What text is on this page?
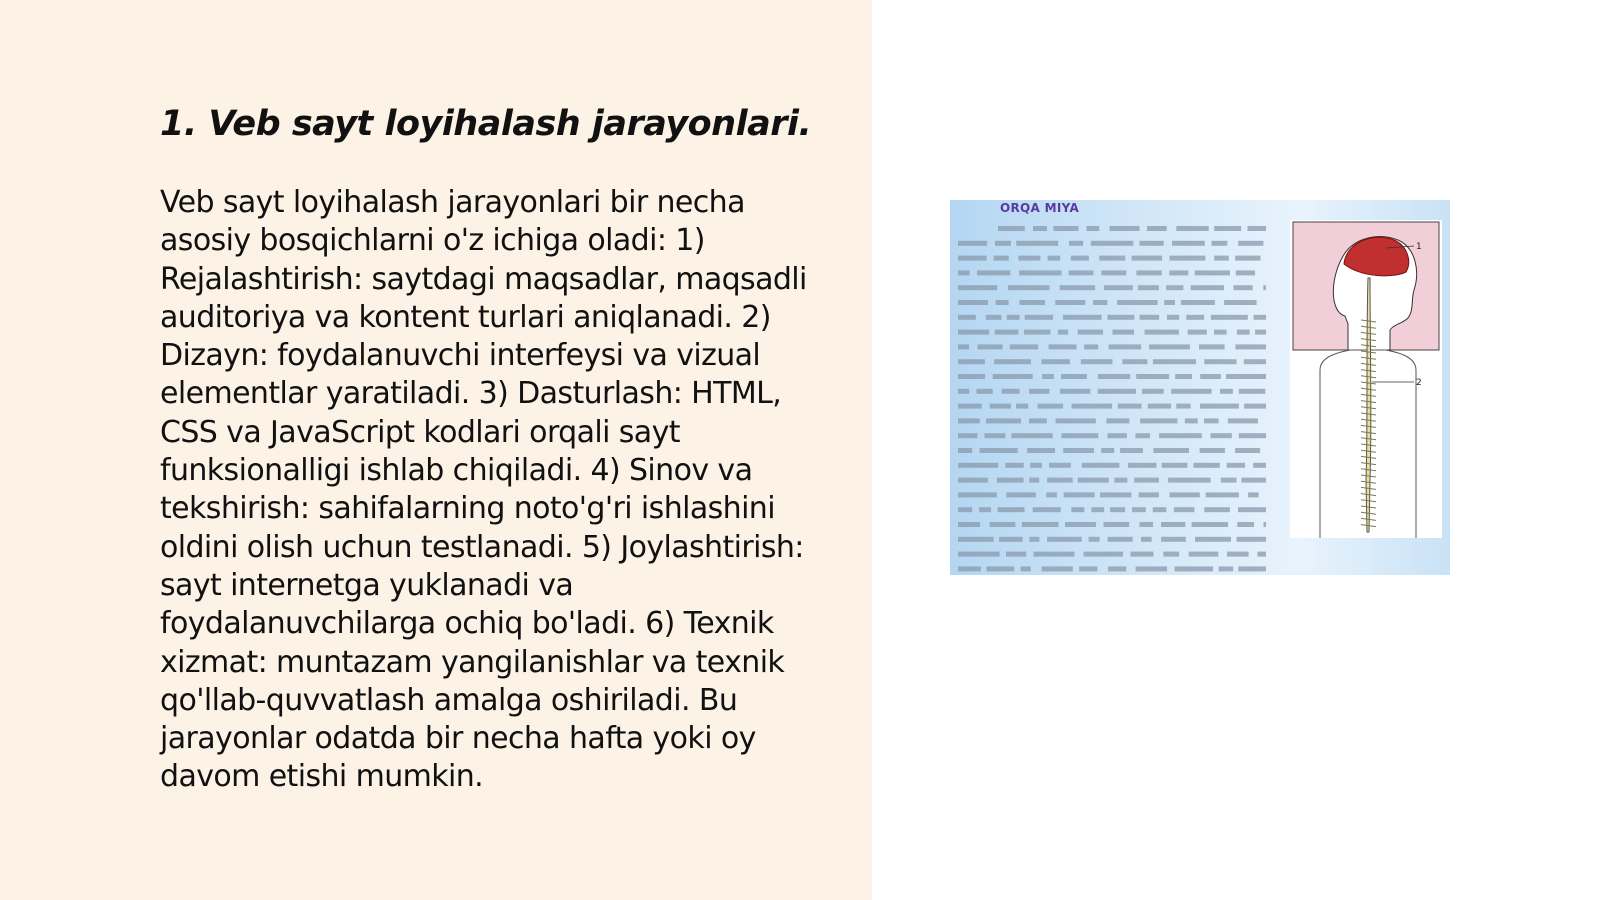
1. Veb sayt loyihalash jarayonlari.

Veb sayt loyihalash jarayonlari bir necha asosiy bosqichlarni o'z ichiga oladi: 1) Rejalashtirish: saytdagi maqsadlar, maqsadli auditoriya va kontent turlari aniqlanadi. 2) Dizayn: foydalanuvchi interfeysi va vizual elementlar yaratiladi. 3) Dasturlash: HTML, CSS va JavaScript kodlari orqali sayt funksionalligi ishlab chiqiladi. 4) Sinov va tekshirish: sahifalarning noto'g'ri ishlashini oldini olish uchun testlanadi. 5) Joylashtirish: sayt internetga yuklanadi va foydalanuvchilarga ochiq bo'ladi. 6) Texnik xizmat: muntazam yangilanishlar va texnik qo'llab-quvvatlash amalga oshiriladi. Bu jarayonlar odatda bir necha hafta yoki oy davom etishi mumkin.

ORQA MIYA
1
2
